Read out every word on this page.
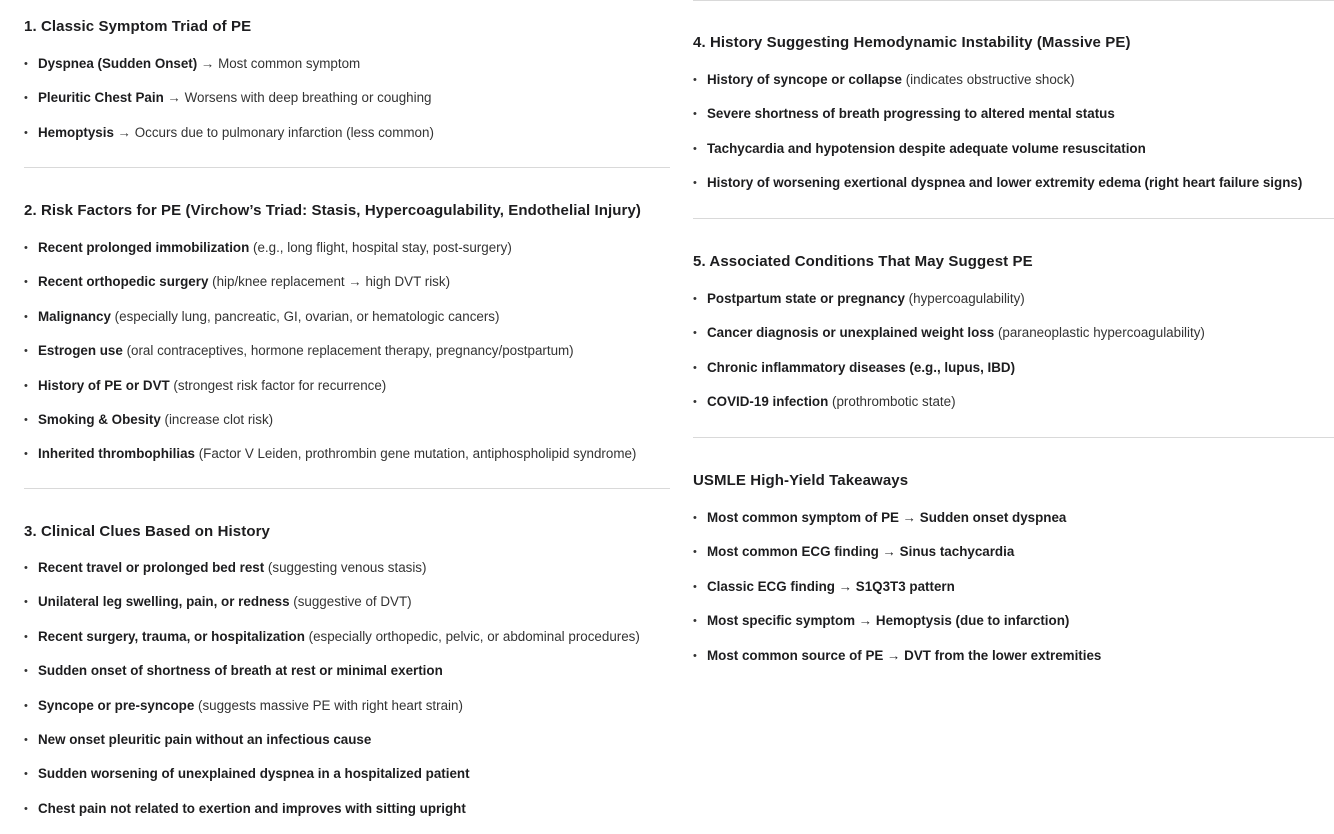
1. Classic Symptom Triad of PE
• Dyspnea (Sudden Onset) → Most common symptom
• Pleuritic Chest Pain → Worsens with deep breathing or coughing
• Hemoptysis → Occurs due to pulmonary infarction (less common)
2. Risk Factors for PE (Virchow’s Triad: Stasis, Hypercoagulability, Endothelial Injury)
• Recent prolonged immobilization (e.g., long flight, hospital stay, post-surgery)
• Recent orthopedic surgery (hip/knee replacement → high DVT risk)
• Malignancy (especially lung, pancreatic, GI, ovarian, or hematologic cancers)
• Estrogen use (oral contraceptives, hormone replacement therapy, pregnancy/postpartum)
• History of PE or DVT (strongest risk factor for recurrence)
• Smoking & Obesity (increase clot risk)
• Inherited thrombophilias (Factor V Leiden, prothrombin gene mutation, antiphospholipid syndrome)
3. Clinical Clues Based on History
• Recent travel or prolonged bed rest (suggesting venous stasis)
• Unilateral leg swelling, pain, or redness (suggestive of DVT)
• Recent surgery, trauma, or hospitalization (especially orthopedic, pelvic, or abdominal procedures)
• Sudden onset of shortness of breath at rest or minimal exertion
• Syncope or pre-syncope (suggests massive PE with right heart strain)
• New onset pleuritic pain without an infectious cause
• Sudden worsening of unexplained dyspnea in a hospitalized patient
• Chest pain not related to exertion and improves with sitting upright
4. History Suggesting Hemodynamic Instability (Massive PE)
• History of syncope or collapse (indicates obstructive shock)
• Severe shortness of breath progressing to altered mental status
• Tachycardia and hypotension despite adequate volume resuscitation
• History of worsening exertional dyspnea and lower extremity edema (right heart failure signs)
5. Associated Conditions That May Suggest PE
• Postpartum state or pregnancy (hypercoagulability)
• Cancer diagnosis or unexplained weight loss (paraneoplastic hypercoagulability)
• Chronic inflammatory diseases (e.g., lupus, IBD)
• COVID-19 infection (prothrombotic state)
USMLE High-Yield Takeaways
• Most common symptom of PE → Sudden onset dyspnea
• Most common ECG finding → Sinus tachycardia
• Classic ECG finding → S1Q3T3 pattern
• Most specific symptom → Hemoptysis (due to infarction)
• Most common source of PE → DVT from the lower extremities
